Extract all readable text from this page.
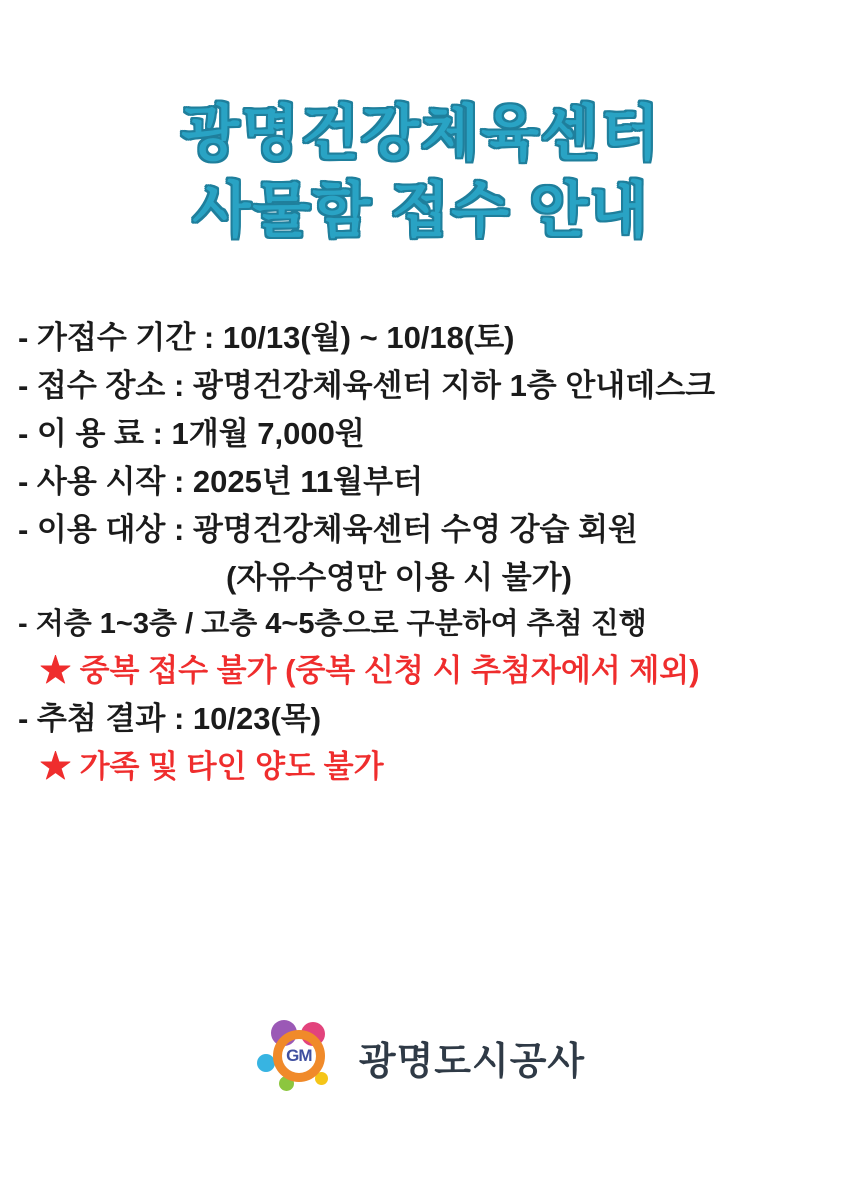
광명건강체육센터
사물함 접수 안내
- 가접수 기간 : 10/13(월) ~ 10/18(토)
- 접수 장소 : 광명건강체육센터 지하 1층 안내데스크
- 이 용 료 : 1개월 7,000원
- 사용 시작 : 2025년 11월부터
- 이용 대상 : 광명건강체육센터 수영 강습 회원
(자유수영만 이용 시 불가)
- 저층 1~3층 / 고층 4~5층으로 구분하여 추첨 진행
★ 중복 접수 불가 (중복 신청 시 추첨자에서 제외)
- 추첨 결과 : 10/23(목)
★ 가족 및 타인 양도 불가
GM	광명도시공사
